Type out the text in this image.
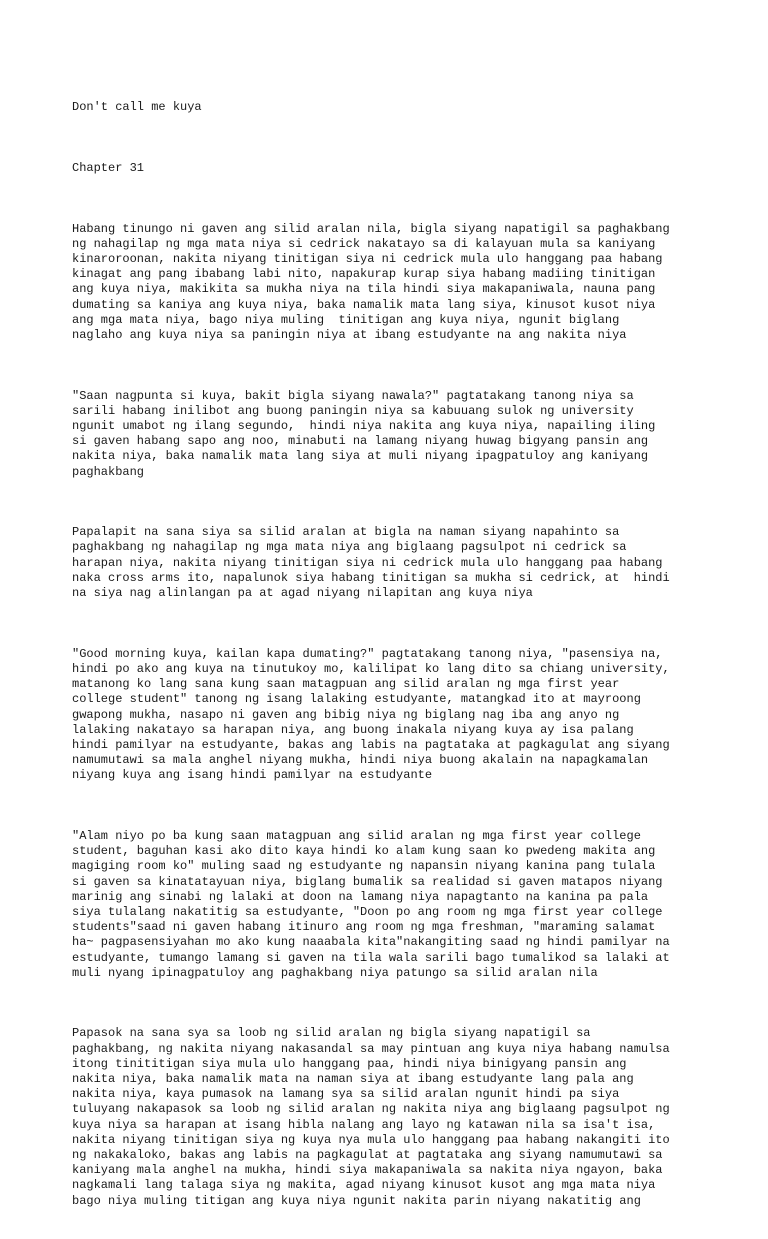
Don't call me kuya

Chapter 31

Habang tinungo ni gaven ang silid aralan nila, bigla siyang napatigil sa paghakbang
ng nahagilap ng mga mata niya si cedrick nakatayo sa di kalayuan mula sa kaniyang
kinaroroonan, nakita niyang tinitigan siya ni cedrick mula ulo hanggang paa habang
kinagat ang pang ibabang labi nito, napakurap kurap siya habang madiing tinitigan
ang kuya niya, makikita sa mukha niya na tila hindi siya makapaniwala, nauna pang
dumating sa kaniya ang kuya niya, baka namalik mata lang siya, kinusot kusot niya
ang mga mata niya, bago niya muling  tinitigan ang kuya niya, ngunit biglang
naglaho ang kuya niya sa paningin niya at ibang estudyante na ang nakita niya

"Saan nagpunta si kuya, bakit bigla siyang nawala?" pagtatakang tanong niya sa
sarili habang inilibot ang buong paningin niya sa kabuuang sulok ng university
ngunit umabot ng ilang segundo,  hindi niya nakita ang kuya niya, napailing iling
si gaven habang sapo ang noo, minabuti na lamang niyang huwag bigyang pansin ang
nakita niya, baka namalik mata lang siya at muli niyang ipagpatuloy ang kaniyang
paghakbang

Papalapit na sana siya sa silid aralan at bigla na naman siyang napahinto sa
paghakbang ng nahagilap ng mga mata niya ang biglaang pagsulpot ni cedrick sa
harapan niya, nakita niyang tinitigan siya ni cedrick mula ulo hanggang paa habang
naka cross arms ito, napalunok siya habang tinitigan sa mukha si cedrick, at  hindi
na siya nag alinlangan pa at agad niyang nilapitan ang kuya niya

"Good morning kuya, kailan kapa dumating?" pagtatakang tanong niya, "pasensiya na,
hindi po ako ang kuya na tinutukoy mo, kalilipat ko lang dito sa chiang university,
matanong ko lang sana kung saan matagpuan ang silid aralan ng mga first year
college student" tanong ng isang lalaking estudyante, matangkad ito at mayroong
gwapong mukha, nasapo ni gaven ang bibig niya ng biglang nag iba ang anyo ng
lalaking nakatayo sa harapan niya, ang buong inakala niyang kuya ay isa palang
hindi pamilyar na estudyante, bakas ang labis na pagtataka at pagkagulat ang siyang
namumutawi sa mala anghel niyang mukha, hindi niya buong akalain na napagkamalan
niyang kuya ang isang hindi pamilyar na estudyante

"Alam niyo po ba kung saan matagpuan ang silid aralan ng mga first year college
student, baguhan kasi ako dito kaya hindi ko alam kung saan ko pwedeng makita ang
magiging room ko" muling saad ng estudyante ng napansin niyang kanina pang tulala
si gaven sa kinatatayuan niya, biglang bumalik sa realidad si gaven matapos niyang
marinig ang sinabi ng lalaki at doon na lamang niya napagtanto na kanina pa pala
siya tulalang nakatitig sa estudyante, "Doon po ang room ng mga first year college
students"saad ni gaven habang itinuro ang room ng mga freshman, "maraming salamat
ha~ pagpasensiyahan mo ako kung naaabala kita"nakangiting saad ng hindi pamilyar na
estudyante, tumango lamang si gaven na tila wala sarili bago tumalikod sa lalaki at
muli nyang ipinagpatuloy ang paghakbang niya patungo sa silid aralan nila

Papasok na sana sya sa loob ng silid aralan ng bigla siyang napatigil sa
paghakbang, ng nakita niyang nakasandal sa may pintuan ang kuya niya habang namulsa
itong tinititigan siya mula ulo hanggang paa, hindi niya binigyang pansin ang
nakita niya, baka namalik mata na naman siya at ibang estudyante lang pala ang
nakita niya, kaya pumasok na lamang sya sa silid aralan ngunit hindi pa siya
tuluyang nakapasok sa loob ng silid aralan ng nakita niya ang biglaang pagsulpot ng
kuya niya sa harapan at isang hibla nalang ang layo ng katawan nila sa isa't isa,
nakita niyang tinitigan siya ng kuya nya mula ulo hanggang paa habang nakangiti ito
ng nakakaloko, bakas ang labis na pagkagulat at pagtataka ang siyang namumutawi sa
kaniyang mala anghel na mukha, hindi siya makapaniwala sa nakita niya ngayon, baka
nagkamali lang talaga siya ng makita, agad niyang kinusot kusot ang mga mata niya
bago niya muling titigan ang kuya niya ngunit nakita parin niyang nakatitig ang
